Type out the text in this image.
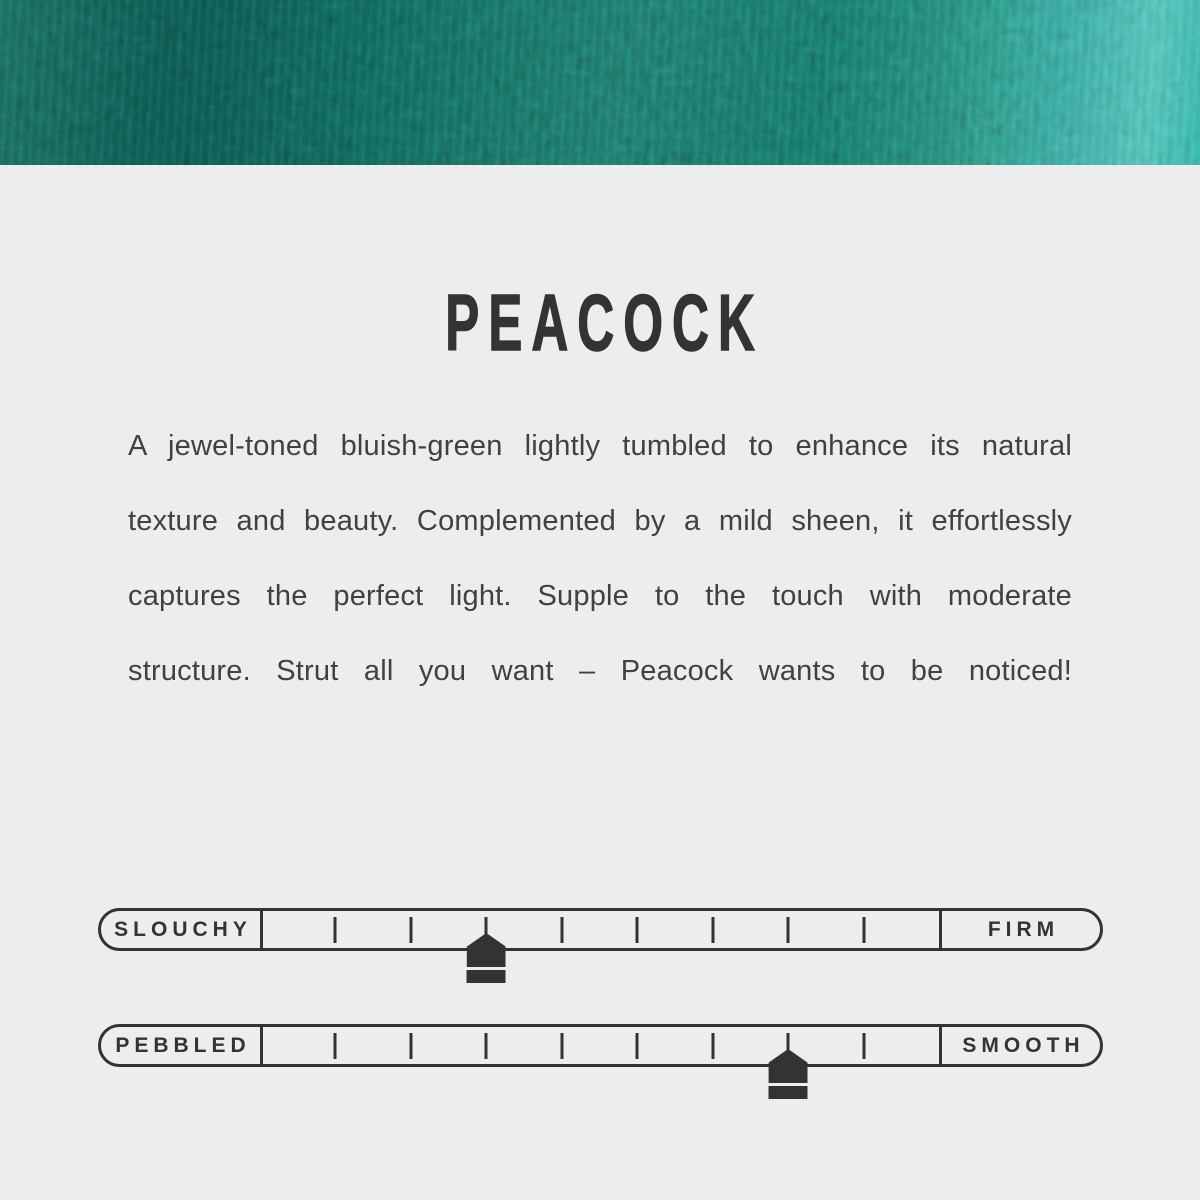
PEACOCK

A jewel-toned bluish-green lightly tumbled to enhance its natural

texture and beauty. Complemented by a mild sheen, it effortlessly

captures the perfect light. Supple to the touch with moderate

structure. Strut all you want – Peacock wants to be noticed!

SLOUCHY	FIRM
PEBBLED	SMOOTH
